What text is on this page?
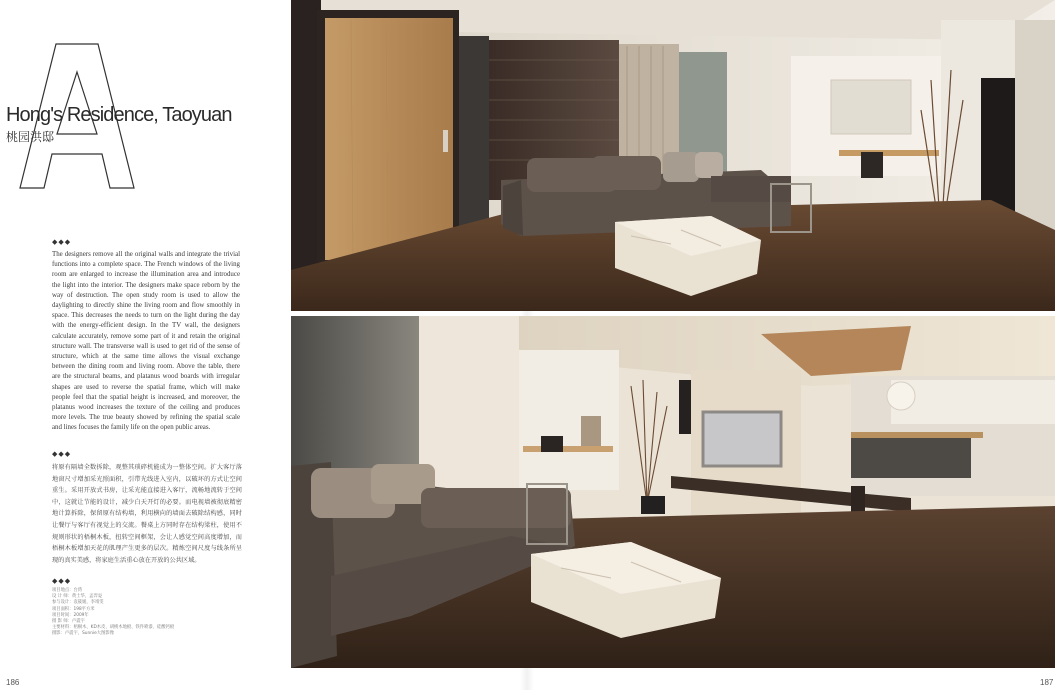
Hong's Residence, Taoyuan
桃园洪邸
◆◆◆
The designers remove all the original walls and integrate the trivial functions into a complete space. The French windows of the living room are enlarged to increase the illumination area and introduce the light into the interior. The designers make space reborn by the way of destruction. The open study room is used to allow the daylighting to directly shine the living room and flow smoothly in space. This decreases the needs to turn on the light during the day with the energy-efficient design. In the TV wall, the designers calculate accurately, remove some part of it and retain the original structure wall. The transverse wall is used to get rid of the sense of structure, which at the same time allows the visual exchange between the dining room and living room. Above the table, there are the structural beams, and platanus wood boards with irregular shapes are used to reverse the spatial frame, which will make people feel that the spatial height is increased, and moreover, the platanus wood increases the texture of the ceiling and produces more levels. The true beauty showed by refining the spatial scale and lines focuses the family life on the open public areas.
◆◆◆
将原有隔墙全数拆除，观整其琐碎机能成为一整体空间。扩大客厅落地窗尺寸增加采光照面积，引带光线进入室内，以破坏的方式让空间重生。采用开放式书房，让采光能直接进入客厅，流畅地流转于空间中，这就让节能的设计，减少白天开灯的必要。而电视墙被彻底精密地计算拆除，保留原有结构墙，利用横向的墙面去破除结构感，同时让餐厅与客厅有视觉上的交流。餐桌上方同时存在结构梁柱，使用不规则形状的梧桐木板，扭转空间框架，会让人感觉空间高度增加，而梧桐木板增加天花的肌理产生更多的层次。精炼空间尺度与线条所呈现的真实美感，将家庭生活重心放在开放的公共区域。
◆◆◆
项目地点：台湾
设 计 师：黄士华，孟羿彣
参与设计：袁筱媛，李靖雯
项目面积：198平方米
项目时间：2009年
摄 影 师：卢震宇
主要材料：梧桐木、KD木皮、胡桃木地板、铁件喷漆、硅酸钙板
摄影：卢震宇，Sunnie大图影像
186	187
